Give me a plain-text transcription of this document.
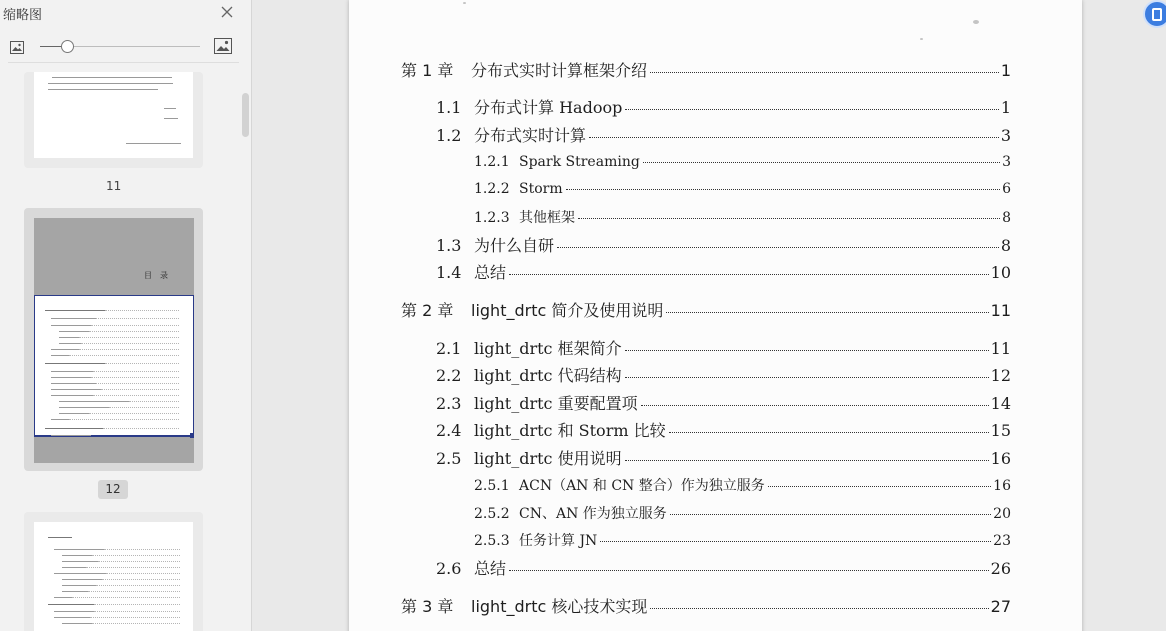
缩略图
11
目录
12
第 1 章	分布式实时计算框架介绍	1
1.1 分布式计算 Hadoop	1
1.2 分布式实时计算	3
1.2.1 Spark Streaming	3
1.2.2 Storm	6
1.2.3 其他框架	8
1.3 为什么自研	8
1.4 总结	10
第 2 章	light_drtc 简介及使用说明	11
2.1 light_drtc 框架简介	11
2.2 light_drtc 代码结构	12
2.3 light_drtc 重要配置项	14
2.4 light_drtc 和 Storm 比较	15
2.5 light_drtc 使用说明	16
2.5.1 ACN（AN 和 CN 整合）作为独立服务	16
2.5.2 CN、AN 作为独立服务	20
2.5.3 任务计算 JN	23
2.6 总结	26
第 3 章	light_drtc 核心技术实现	27
